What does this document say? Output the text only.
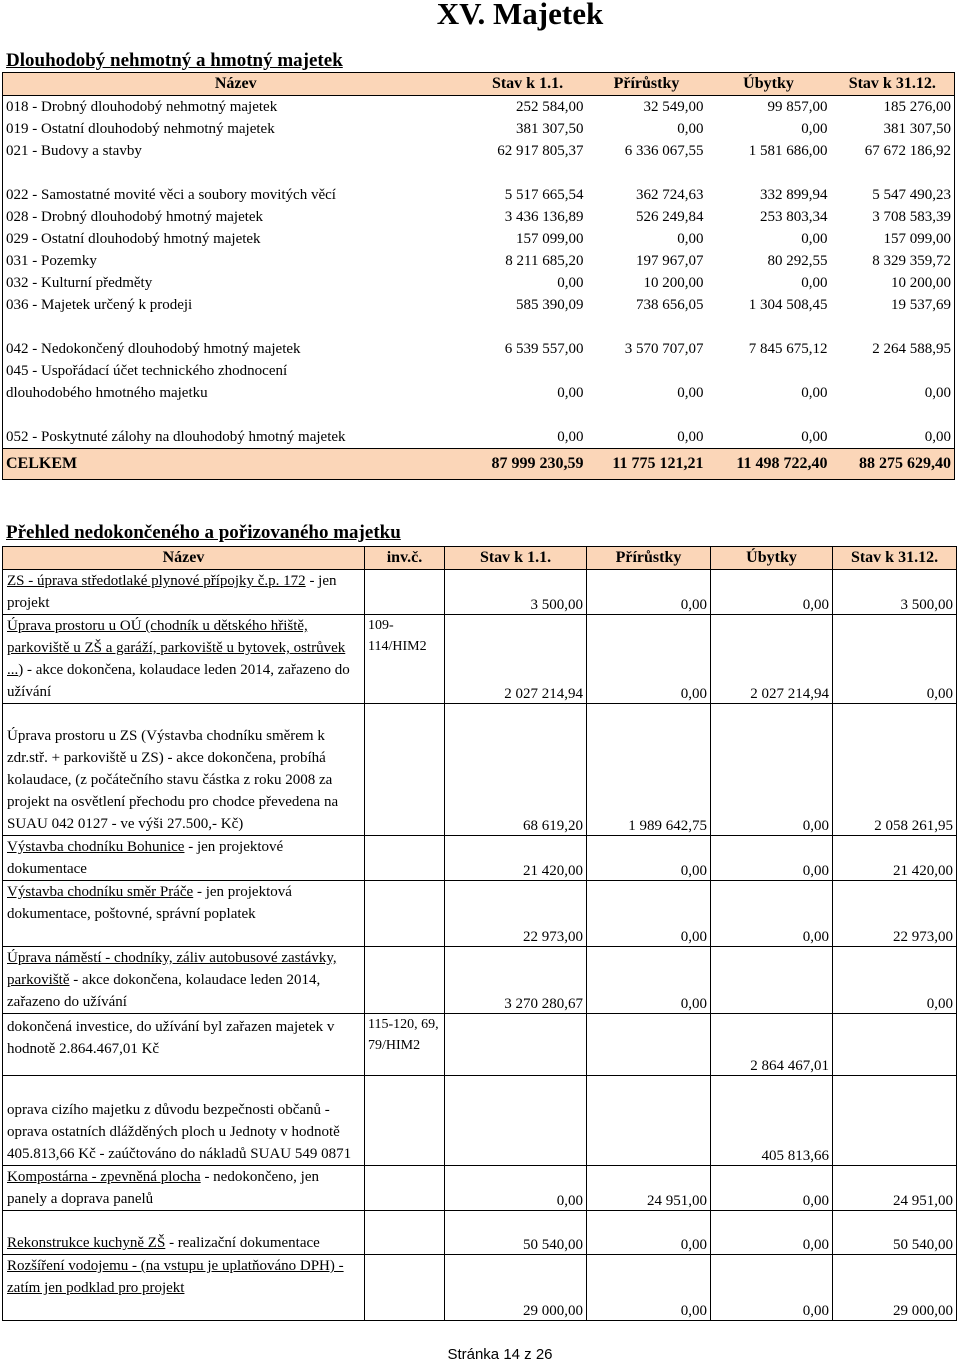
XV. Majetek
Dlouhodobý nehmotný a hmotný majetek
Název	Stav k 1.1.	Přírůstky	Úbytky	Stav k 31.12.
018 - Drobný dlouhodobý nehmotný majetek	252 584,00	32 549,00	99 857,00	185 276,00
019 - Ostatní dlouhodobý nehmotný majetek	381 307,50	0,00	0,00	381 307,50
021 - Budovy a stavby	62 917 805,37	6 336 067,55	1 581 686,00	67 672 186,92
022 - Samostatné movité věci a soubory movitých věcí	5 517 665,54	362 724,63	332 899,94	5 547 490,23
028 - Drobný dlouhodobý hmotný majetek	3 436 136,89	526 249,84	253 803,34	3 708 583,39
029 - Ostatní dlouhodobý hmotný majetek	157 099,00	0,00	0,00	157 099,00
031 - Pozemky	8 211 685,20	197 967,07	80 292,55	8 329 359,72
032 - Kulturní předměty	0,00	10 200,00	0,00	10 200,00
036 - Majetek určený k prodeji	585 390,09	738 656,05	1 304 508,45	19 537,69
042 - Nedokončený dlouhodobý hmotný majetek	6 539 557,00	3 570 707,07	7 845 675,12	2 264 588,95
045 - Uspořádací účet technického zhodnocení dlouhodobého hmotného majetku	0,00	0,00	0,00	0,00
052 - Poskytnuté zálohy na dlouhodobý hmotný majetek	0,00	0,00	0,00	0,00
CELKEM	87 999 230,59	11 775 121,21	11 498 722,40	88 275 629,40
Přehled nedokončeného a pořizovaného majetku
Název	inv.č.	Stav k 1.1.	Přírůstky	Úbytky	Stav k 31.12.
ZS - úprava středotlaké plynové přípojky č.p. 172 - jen projekt		3 500,00	0,00	0,00	3 500,00
Úprava prostoru u OÚ (chodník u dětského hřiště, parkoviště u ZŠ a garáží, parkoviště u bytovek, ostrůvek ...) - akce dokončena, kolaudace leden 2014, zařazeno do užívání	109-114/HIM2	2 027 214,94	0,00	2 027 214,94	0,00
Úprava prostoru u ZS (Výstavba chodníku směrem k zdr.stř. + parkoviště u ZS) - akce dokončena, probíhá kolaudace, (z počátečního stavu částka z roku 2008 za projekt na osvětlení přechodu pro chodce převedena na SUAU 042 0127 - ve výši 27.500,- Kč)		68 619,20	1 989 642,75	0,00	2 058 261,95
Výstavba chodníku Bohunice - jen projektové dokumentace		21 420,00	0,00	0,00	21 420,00
Výstavba chodníku směr Práče - jen projektová dokumentace, poštovné, správní poplatek		22 973,00	0,00	0,00	22 973,00
Úprava náměstí - chodníky, záliv autobusové zastávky, parkoviště - akce dokončena, kolaudace leden 2014, zařazeno do užívání		3 270 280,67	0,00		0,00
dokončená investice, do užívání byl zařazen majetek v hodnotě 2.864.467,01 Kč	115-120, 69, 79/HIM2			2 864 467,01	
oprava cizího majetku z důvodu bezpečnosti občanů - oprava ostatních dlážděných ploch u Jednoty v hodnotě 405.813,66 Kč - zaúčtováno do nákladů SUAU 549 0871				405 813,66	
Kompostárna - zpevněná plocha - nedokončeno, jen panely a doprava panelů		0,00	24 951,00	0,00	24 951,00
Rekonstrukce kuchyně ZŠ - realizační dokumentace		50 540,00	0,00	0,00	50 540,00
Rozšíření vodojemu - (na vstupu je uplatňováno DPH) - zatím jen podklad pro projekt		29 000,00	0,00	0,00	29 000,00
Stránka 14 z 26
